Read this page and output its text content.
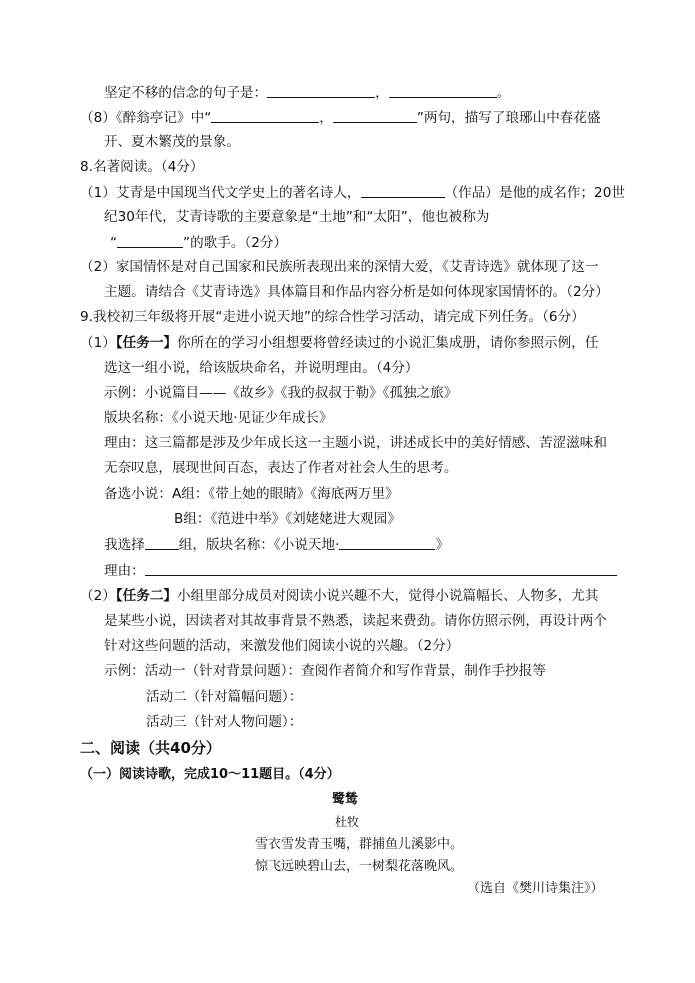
坚定不移的信念的句子是：	，	。
（8）《醉翁亭记》中“	，	”两句，描写了琅琊山中春花盛
开、夏木繁茂的景象。
8.名著阅读。（4分）
（1）艾青是中国现当代文学史上的著名诗人，	（作品）是他的成名作；20世
纪30年代，艾青诗歌的主要意象是“土地”和“太阳”，他也被称为
“	”的歌手。（2分）
（2）家国情怀是对自己国家和民族所表现出来的深情大爱，《艾青诗选》就体现了这一
主题。请结合《艾青诗选》具体篇目和作品内容分析是如何体现家国情怀的。（2分）
9.我校初三年级将开展“走进小说天地”的综合性学习活动，请完成下列任务。（6分）
（1）【任务一】你所在的学习小组想要将曾经读过的小说汇集成册，请你参照示例，任
选这一组小说，给该版块命名，并说明理由。（4分）
示例：小说篇目——《故乡》《我的叔叔于勒》《孤独之旅》
版块名称：《小说天地·见证少年成长》
理由：这三篇都是涉及少年成长这一主题小说，讲述成长中的美好情感、苦涩滋味和
无奈叹息，展现世间百态，表达了作者对社会人生的思考。
备选小说：A组：《带上她的眼睛》《海底两万里》
B组：《范进中举》《刘姥姥进大观园》
我选择	组，版块名称：《小说天地·	》
理由：
（2）【任务二】小组里部分成员对阅读小说兴趣不大，觉得小说篇幅长、人物多，尤其
是某些小说，因读者对其故事背景不熟悉，读起来费劲。请你仿照示例，再设计两个
针对这些问题的活动，来激发他们阅读小说的兴趣。（2分）
示例：活动一（针对背景问题）：查阅作者简介和写作背景，制作手抄报等
活动二（针对篇幅问题）：
活动三（针对人物问题）：
二、阅读（共40分）
（一）阅读诗歌，完成10～11题目。（4分）
鹭鸶
杜牧
雪衣雪发青玉嘴，群捕鱼儿溪影中。
惊飞远映碧山去，一树梨花落晚风。
（选自《樊川诗集注》）
